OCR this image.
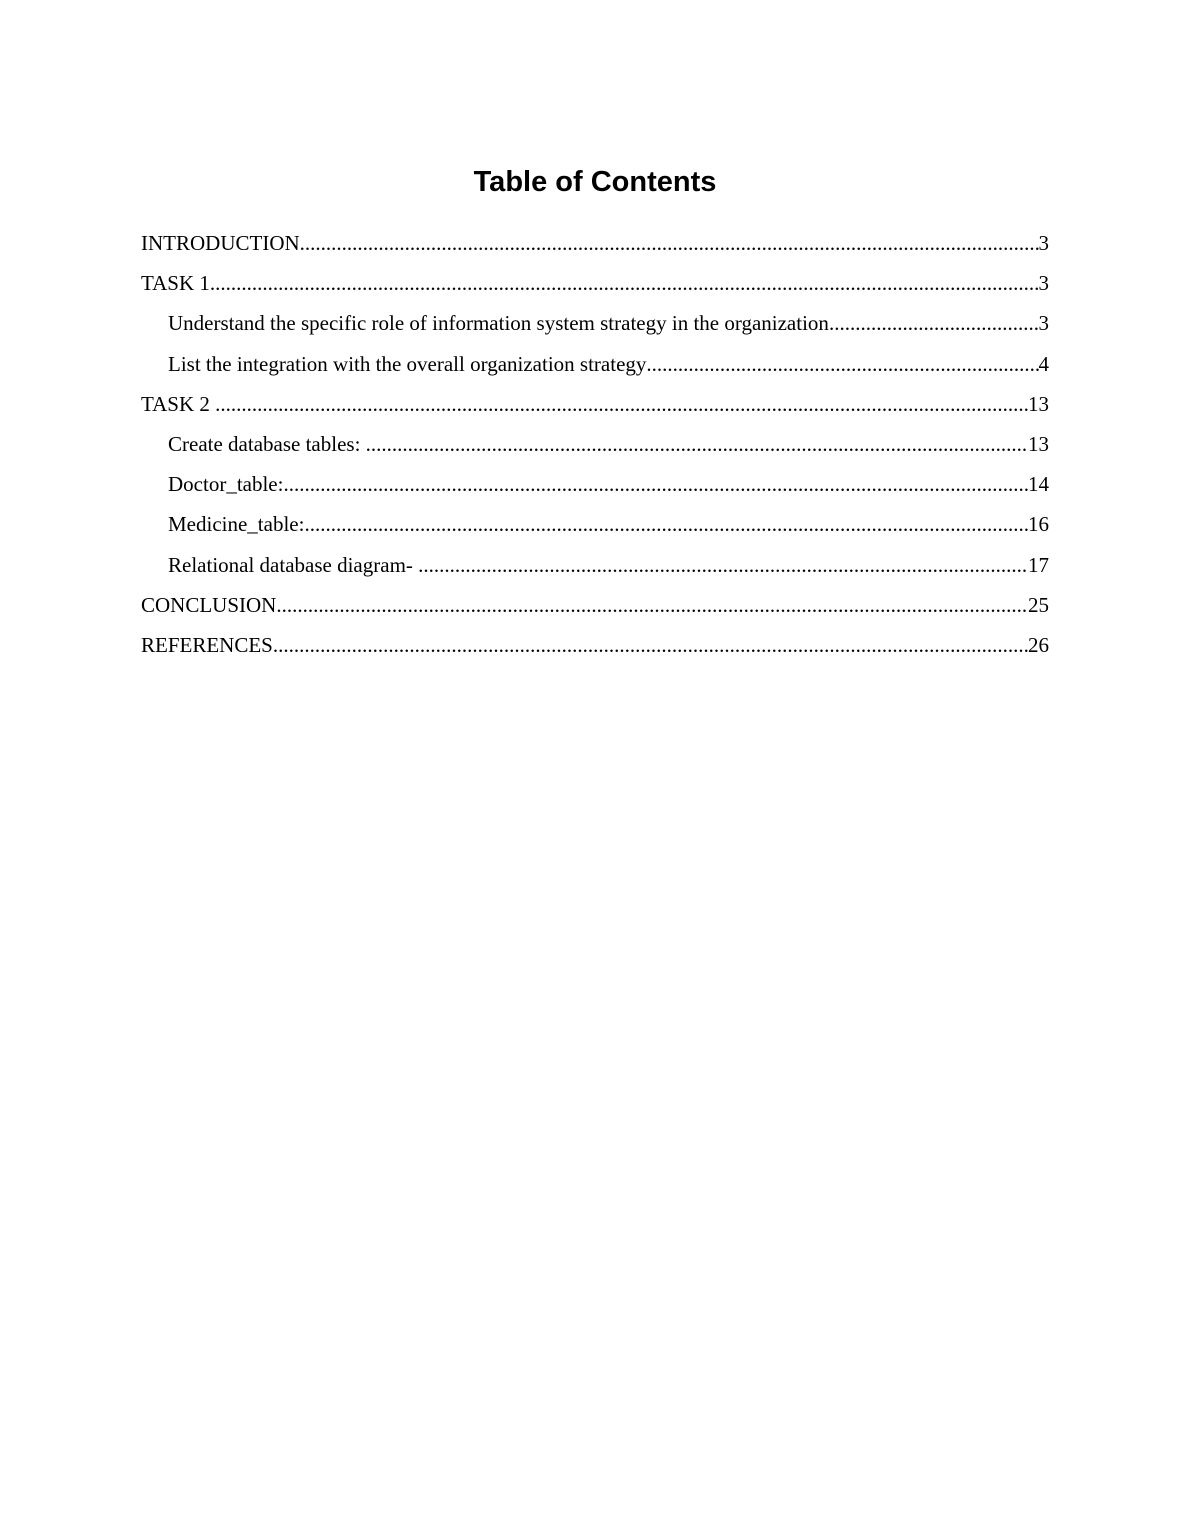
Table of Contents
INTRODUCTION .....	3
TASK 1 .....	3
Understand the specific role of information system strategy in the organization .....	3
List the integration with the overall organization strategy .....	4
TASK 2 .....	13
Create database tables: .....	13
Doctor_table: .....	14
Medicine_table: .....	16
Relational database diagram- .....	17
CONCLUSION .....	25
REFERENCES .....	26
